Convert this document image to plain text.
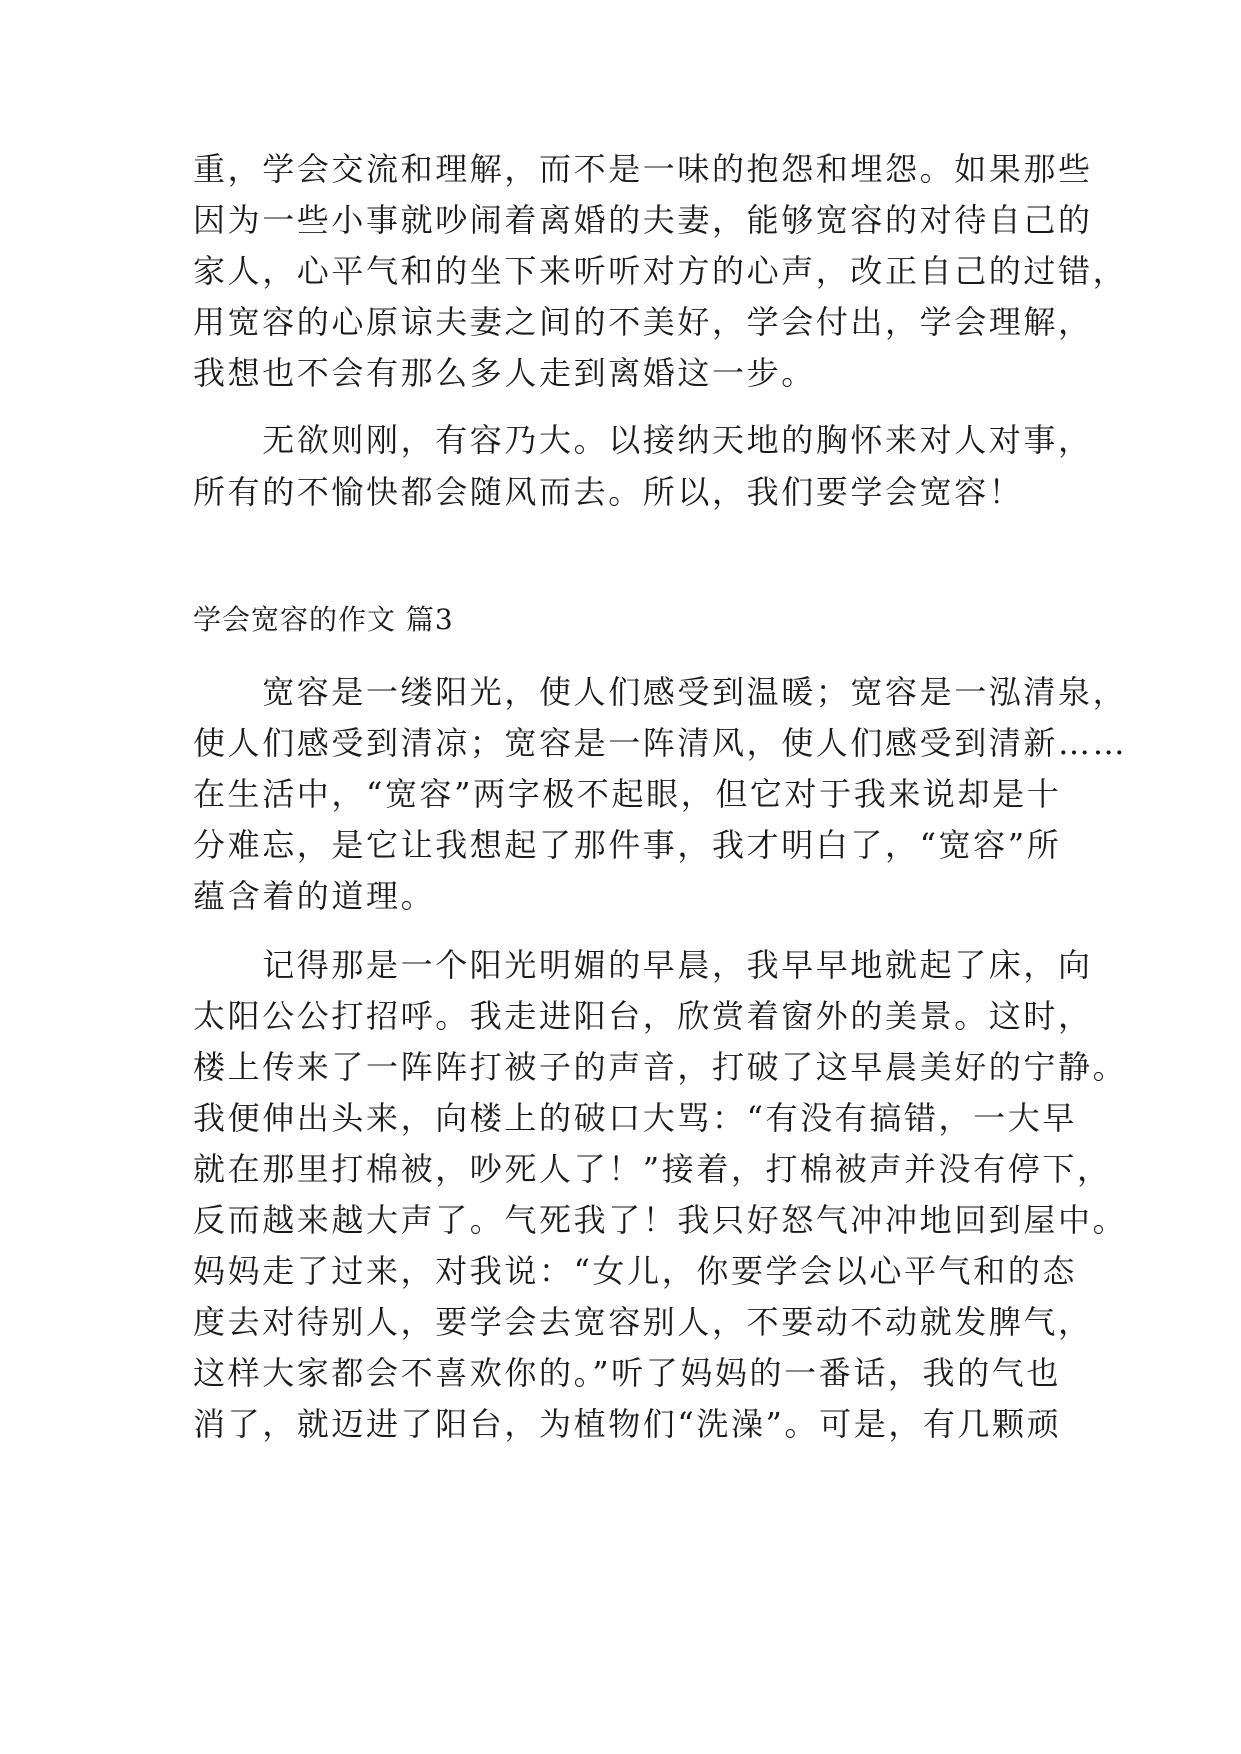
重，学会交流和理解，而不是一味的抱怨和埋怨。如果那些
因为一些小事就吵闹着离婚的夫妻，能够宽容的对待自己的
家人，心平气和的坐下来听听对方的心声，改正自己的过错，
用宽容的心原谅夫妻之间的不美好，学会付出，学会理解，
我想也不会有那么多人走到离婚这一步。
　　无欲则刚，有容乃大。以接纳天地的胸怀来对人对事，
所有的不愉快都会随风而去。所以，我们要学会宽容！
学会宽容的作文 篇3
　　宽容是一缕阳光，使人们感受到温暖；宽容是一泓清泉，
使人们感受到清凉；宽容是一阵清风，使人们感受到清新……
在生活中，“宽容”两字极不起眼，但它对于我来说却是十
分难忘，是它让我想起了那件事，我才明白了，“宽容”所
蕴含着的道理。
　　记得那是一个阳光明媚的早晨，我早早地就起了床，向
太阳公公打招呼。我走进阳台，欣赏着窗外的美景。这时，
楼上传来了一阵阵打被子的声音，打破了这早晨美好的宁静。
我便伸出头来，向楼上的破口大骂：“有没有搞错，一大早
就在那里打棉被，吵死人了！”接着，打棉被声并没有停下，
反而越来越大声了。气死我了！我只好怒气冲冲地回到屋中。
妈妈走了过来，对我说：“女儿，你要学会以心平气和的态
度去对待别人，要学会去宽容别人，不要动不动就发脾气，
这样大家都会不喜欢你的。”听了妈妈的一番话，我的气也
消了，就迈进了阳台，为植物们“洗澡”。可是，有几颗顽
